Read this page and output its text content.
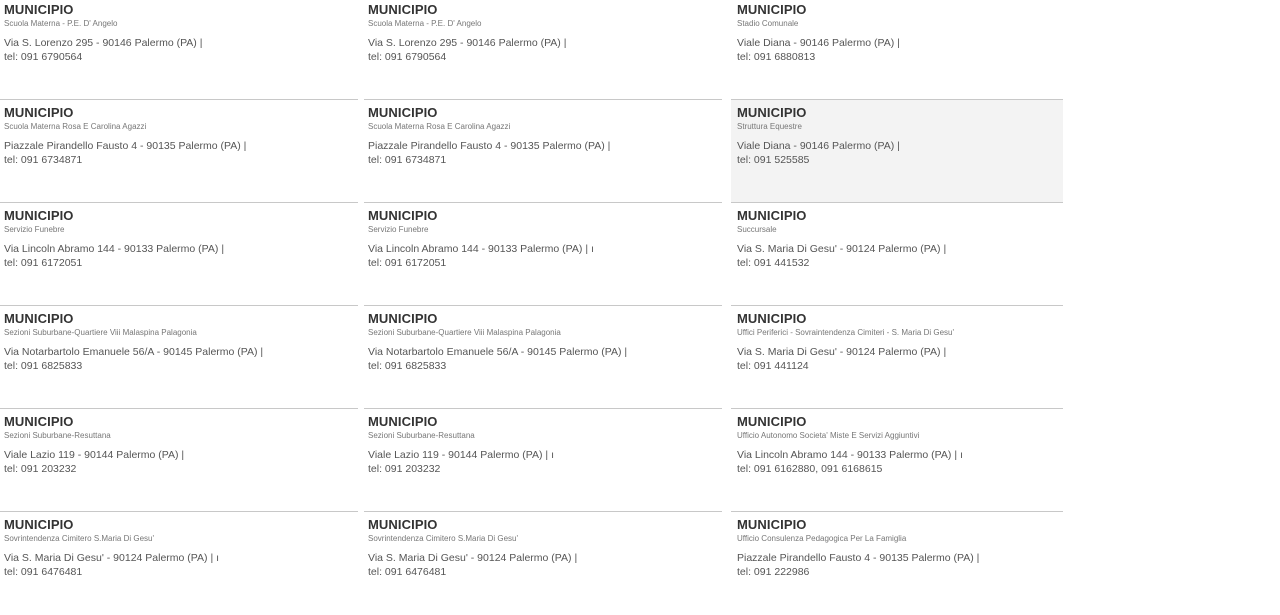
MUNICIPIO
Scuola Materna - P.E. D' Angelo
Via S. Lorenzo 295 - 90146 Palermo (PA) |
tel: 091 6790564
MUNICIPIO
Scuola Materna Rosa E Carolina Agazzi
Piazzale Pirandello Fausto 4 - 90135 Palermo (PA) |
tel: 091 6734871
MUNICIPIO
Servizio Funebre
Via Lincoln Abramo 144 - 90133 Palermo (PA) |
tel: 091 6172051
MUNICIPIO
Sezioni Suburbane-Quartiere Viii Malaspina Palagonia
Via Notarbartolo Emanuele 56/A - 90145 Palermo (PA) |
tel: 091 6825833
MUNICIPIO
Sezioni Suburbane-Resuttana
Viale Lazio 119 - 90144 Palermo (PA) |
tel: 091 203232
MUNICIPIO
Sovrintendenza Cimitero S.Maria Di Gesu'
Via S. Maria Di Gesu' - 90124 Palermo (PA) | ı
tel: 091 6476481
MUNICIPIO
Scuola Materna - P.E. D' Angelo
Via S. Lorenzo 295 - 90146 Palermo (PA) |
tel: 091 6790564
MUNICIPIO
Scuola Materna Rosa E Carolina Agazzi
Piazzale Pirandello Fausto 4 - 90135 Palermo (PA) |
tel: 091 6734871
MUNICIPIO
Servizio Funebre
Via Lincoln Abramo 144 - 90133 Palermo (PA) | ı
tel: 091 6172051
MUNICIPIO
Sezioni Suburbane-Quartiere Viii Malaspina Palagonia
Via Notarbartolo Emanuele 56/A - 90145 Palermo (PA) |
tel: 091 6825833
MUNICIPIO
Sezioni Suburbane-Resuttana
Viale Lazio 119 - 90144 Palermo (PA) | ı
tel: 091 203232
MUNICIPIO
Sovrintendenza Cimitero S.Maria Di Gesu'
Via S. Maria Di Gesu' - 90124 Palermo (PA) |
tel: 091 6476481
MUNICIPIO
Stadio Comunale
Viale Diana - 90146 Palermo (PA) |
tel: 091 6880813
MUNICIPIO
Struttura Equestre
Viale Diana - 90146 Palermo (PA) |
tel: 091 525585
MUNICIPIO
Succursale
Via S. Maria Di Gesu' - 90124 Palermo (PA) |
tel: 091 441532
MUNICIPIO
Uffici Periferici - Sovraintendenza Cimiteri - S. Maria Di Gesu'
Via S. Maria Di Gesu' - 90124 Palermo (PA) |
tel: 091 441124
MUNICIPIO
Ufficio Autonomo Societa' Miste E Servizi Aggiuntivi
Via Lincoln Abramo 144 - 90133 Palermo (PA) | ı
tel: 091 6162880, 091 6168615
MUNICIPIO
Ufficio Consulenza Pedagogica Per La Famiglia
Piazzale Pirandello Fausto 4 - 90135 Palermo (PA) |
tel: 091 222986
